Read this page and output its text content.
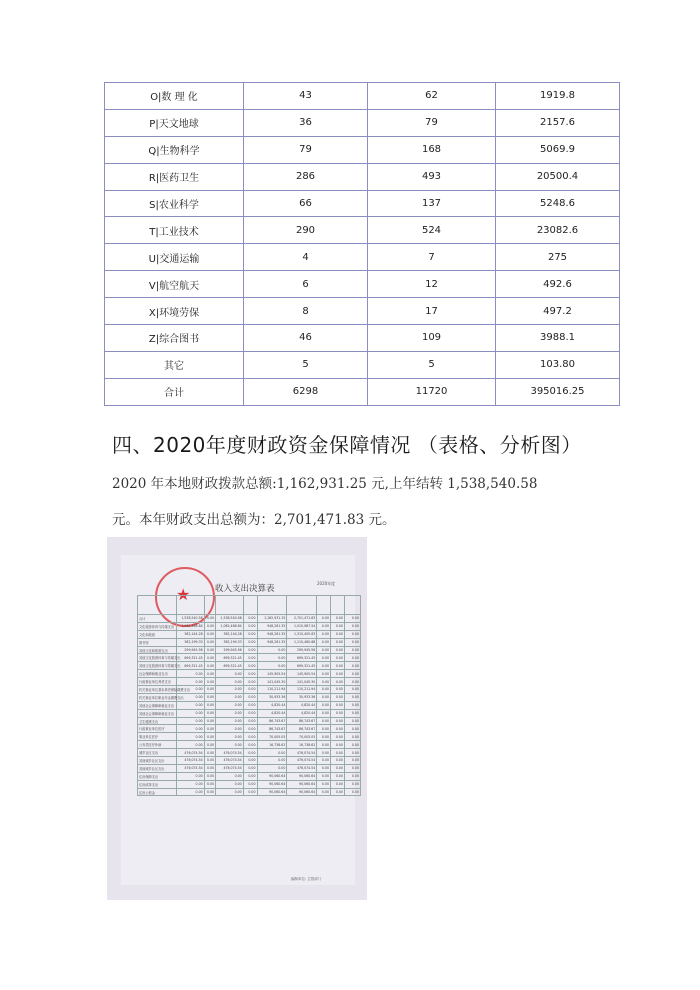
O|数 理 化	43	62	1919.8
P|天文地球	36	79	2157.6
Q|生物科学	79	168	5069.9
R|医药卫生	286	493	20500.4
S|农业科学	66	137	5248.6
T|工业技术	290	524	23082.6
U|交通运输	4	7	275
V|航空航天	6	12	492.6
X|环境劳保	8	17	497.2
Z|综合图书	46	109	3988.1
其它	5	5	103.80
合计	6298	11720	395016.25
四、2020年度财政资金保障情况 （表格、分析图）
2020 年本地财政拨款总额:1,162,931.25 元,上年结转 1,538,540.58
元。本年财政支出总额为：2,701,471.83 元。
★	收入支出决算表
2020年度

合计	1,538,540.58	0.00	1,538,540.58	0.00	1,162,931.25	2,701,471.83	0.00	0.00	0.00
文化旅游体育与传媒支出	1,062,466.84	0.00	1,062,466.84	0.00	948,261.35	1,010,987.54	0.00	0.00	0.00
文化和旅游	362,144.28	0.00	362,144.28	0.00	948,261.35	1,310,405.63	0.00	0.00	0.00
图书馆	362,199.33	0.00	362,199.33	0.00	948,261.35	1,110,460.68	0.00	0.00	0.00
其他文化和旅游支出	299,945.56	0.00	299,945.56	0.00	0.00	299,945.56	0.00	0.00	0.00
其他文化旅游体育与传媒支出	699,321.45	0.00	699,321.45	0.00	0.00	699,321.45	0.00	0.00	0.00
其他文化旅游体育与传媒支出	699,321.45	0.00	699,321.45	0.00	0.00	699,321.45	0.00	0.00	0.00
社会保障和就业支出	0.00	0.00	0.00	0.00	145,905.54	145,905.54	0.00	0.00	0.00
行政事业单位养老支出	0.00	0.00	0.00	0.00	141,045.30	141,045.30	0.00	0.00	0.00
机关事业单位基本养老保险缴费支出	0.00	0.00	0.00	0.00	110,211.94	110,211.94	0.00	0.00	0.00
机关事业单位职业年金缴费支出	0.00	0.00	0.00	0.00	30,933.36	30,933.36	0.00	0.00	0.00
其他社会保障和就业支出	0.00	0.00	0.00	0.00	4,820.44	4,820.44	0.00	0.00	0.00
其他社会保障和就业支出	0.00	0.00	0.00	0.00	4,820.44	4,820.44	0.00	0.00	0.00
卫生健康支出	0.00	0.00	0.00	0.00	86,743.67	86,743.67	0.00	0.00	0.00
行政事业单位医疗	0.00	0.00	0.00	0.00	86,743.67	86,743.67	0.00	0.00	0.00
事业单位医疗	0.00	0.00	0.00	0.00	70,005.05	70,005.05	0.00	0.00	0.00
公务员医疗补助	0.00	0.00	0.00	0.00	16,738.62	16,738.62	0.00	0.00	0.00
城乡社区支出	476,074.54	0.00	476,074.54	0.00	0.00	476,074.54	0.00	0.00	0.00
其他城乡社区支出	476,074.54	0.00	476,074.54	0.00	0.00	476,074.54	0.00	0.00	0.00
其他城乡社区支出	476,074.54	0.00	476,074.54	0.00	0.00	476,074.54	0.00	0.00	0.00
住房保障支出	0.00	0.00	0.00	0.00	90,060.64	90,060.64	0.00	0.00	0.00
住房改革支出	0.00	0.00	0.00	0.00	90,060.64	90,060.64	0.00	0.00	0.00
住房公积金	0.00	0.00	0.00	0.00	90,060.64	90,060.64	0.00	0.00	0.00
编制单位: 主管部门
